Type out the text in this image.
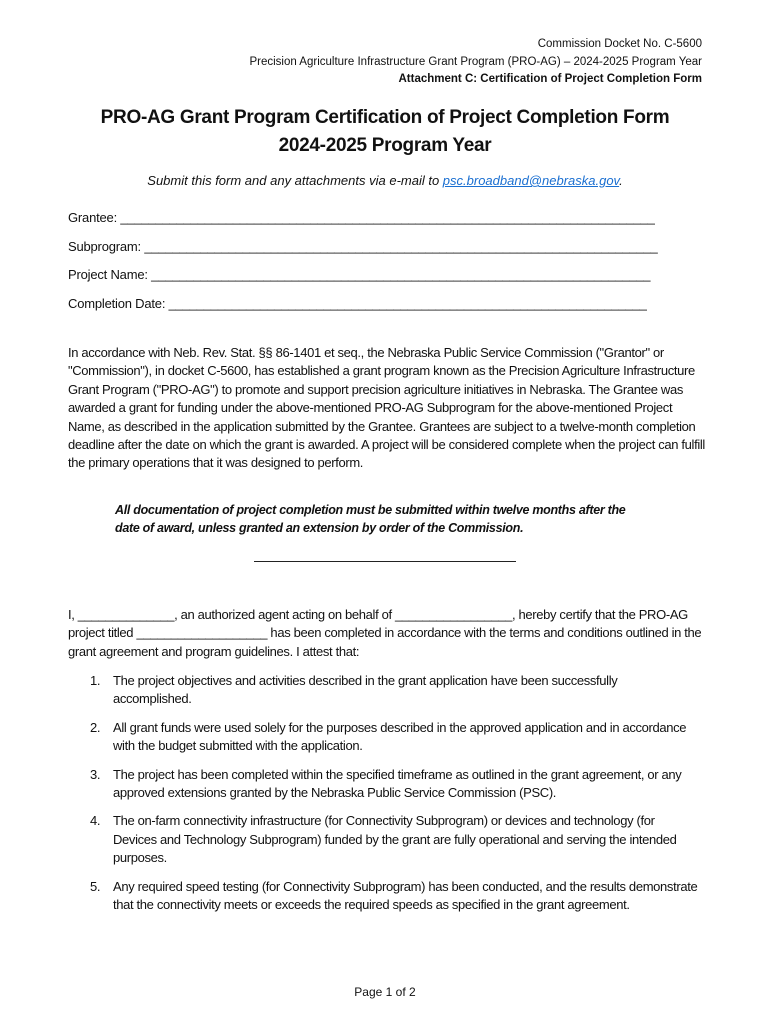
Commission Docket No. C-5600
Precision Agriculture Infrastructure Grant Program (PRO-AG) – 2024-2025 Program Year
Attachment C: Certification of Project Completion Form
PRO-AG Grant Program Certification of Project Completion Form
2024-2025 Program Year
Submit this form and any attachments via e-mail to psc.broadband@nebraska.gov.
Grantee: ____________________________________________________________________________
Subprogram: _________________________________________________________________________
Project Name: _______________________________________________________________________
Completion Date: ____________________________________________________________________
In accordance with Neb. Rev. Stat. §§ 86-1401 et seq., the Nebraska Public Service Commission ("Grantor" or "Commission"), in docket C-5600, has established a grant program known as the Precision Agriculture Infrastructure Grant Program ("PRO-AG") to promote and support precision agriculture initiatives in Nebraska. The Grantee was awarded a grant for funding under the above-mentioned PRO-AG Subprogram for the above-mentioned Project Name, as described in the application submitted by the Grantee. Grantees are subject to a twelve-month completion deadline after the date on which the grant is awarded. A project will be considered complete when the project can fulfill the primary operations that it was designed to perform.
All documentation of project completion must be submitted within twelve months after the date of award, unless granted an extension by order of the Commission.
I, ______________, an authorized agent acting on behalf of _________________, hereby certify that the PRO-AG project titled ___________________ has been completed in accordance with the terms and conditions outlined in the grant agreement and program guidelines. I attest that:
1. The project objectives and activities described in the grant application have been successfully accomplished.
2. All grant funds were used solely for the purposes described in the approved application and in accordance with the budget submitted with the application.
3. The project has been completed within the specified timeframe as outlined in the grant agreement, or any approved extensions granted by the Nebraska Public Service Commission (PSC).
4. The on-farm connectivity infrastructure (for Connectivity Subprogram) or devices and technology (for Devices and Technology Subprogram) funded by the grant are fully operational and serving the intended purposes.
5. Any required speed testing (for Connectivity Subprogram) has been conducted, and the results demonstrate that the connectivity meets or exceeds the required speeds as specified in the grant agreement.
Page 1 of 2
